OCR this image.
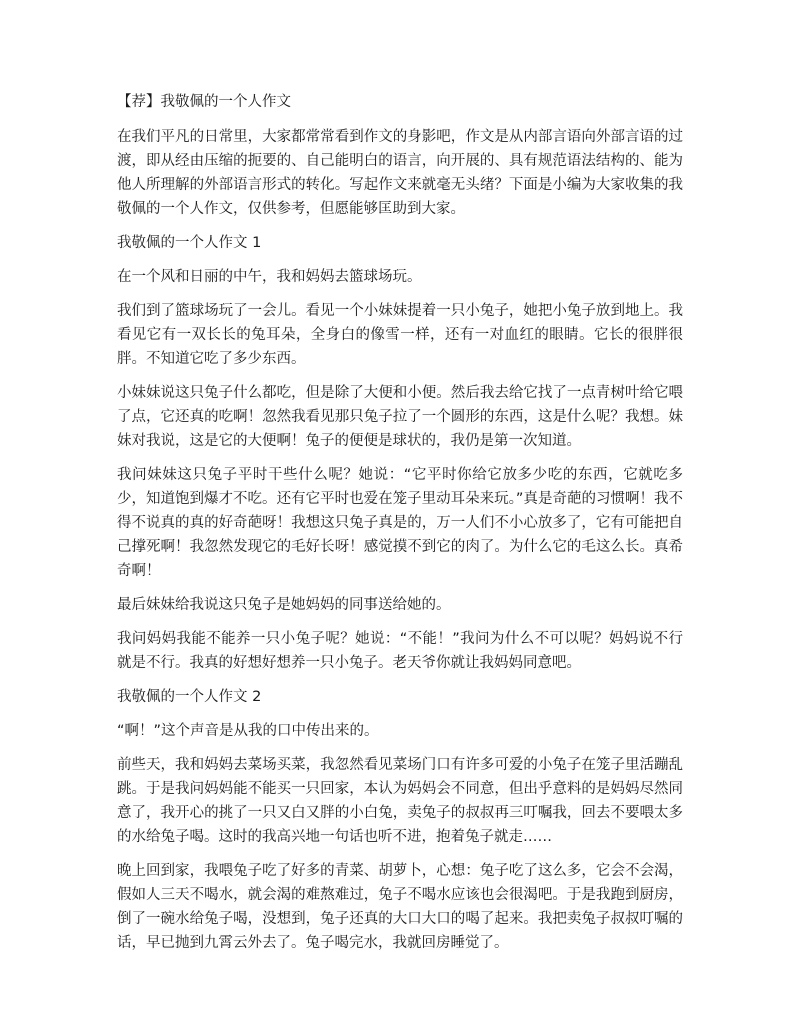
【荐】我敬佩的一个人作文

在我们平凡的日常里，大家都常常看到作文的身影吧，作文是从内部言语向外部言语的过渡，即从经由压缩的扼要的、自己能明白的语言，向开展的、具有规范语法结构的、能为他人所理解的外部语言形式的转化。写起作文来就毫无头绪？下面是小编为大家收集的我敬佩的一个人作文，仅供参考，但愿能够匡助到大家。

我敬佩的一个人作文 1

在一个风和日丽的中午，我和妈妈去篮球场玩。

我们到了篮球场玩了一会儿。看见一个小妹妹提着一只小兔子，她把小兔子放到地上。我看见它有一双长长的兔耳朵，全身白的像雪一样，还有一对血红的眼睛。它长的很胖很胖。不知道它吃了多少东西。

小妹妹说这只兔子什么都吃，但是除了大便和小便。然后我去给它找了一点青树叶给它喂了点，它还真的吃啊！忽然我看见那只兔子拉了一个圆形的东西，这是什么呢？我想。妹妹对我说，这是它的大便啊！兔子的便便是球状的，我仍是第一次知道。

我问妹妹这只兔子平时干些什么呢？她说：“它平时你给它放多少吃的东西，它就吃多少，知道饱到爆才不吃。还有它平时也爱在笼子里动耳朵来玩。”真是奇葩的习惯啊！我不得不说真的真的好奇葩呀！我想这只兔子真是的，万一人们不小心放多了，它有可能把自己撑死啊！我忽然发现它的毛好长呀！感觉摸不到它的肉了。为什么它的毛这么长。真希奇啊！

最后妹妹给我说这只兔子是她妈妈的同事送给她的。

我问妈妈我能不能养一只小兔子呢？她说：“不能！”我问为什么不可以呢？妈妈说不行就是不行。我真的好想好想养一只小兔子。老天爷你就让我妈妈同意吧。

我敬佩的一个人作文 2

“啊！”这个声音是从我的口中传出来的。

前些天，我和妈妈去菜场买菜，我忽然看见菜场门口有许多可爱的小兔子在笼子里活蹦乱跳。于是我问妈妈能不能买一只回家，本认为妈妈会不同意，但出乎意料的是妈妈尽然同意了，我开心的挑了一只又白又胖的小白兔，卖兔子的叔叔再三叮嘱我，回去不要喂太多的水给兔子喝。这时的我高兴地一句话也听不进，抱着兔子就走……

晚上回到家，我喂兔子吃了好多的青菜、胡萝卜，心想：兔子吃了这么多，它会不会渴，假如人三天不喝水，就会渴的难熬难过，兔子不喝水应该也会很渴吧。于是我跑到厨房，倒了一碗水给兔子喝，没想到，兔子还真的大口大口的喝了起来。我把卖兔子叔叔叮嘱的话，早已抛到九霄云外去了。兔子喝完水，我就回房睡觉了。
